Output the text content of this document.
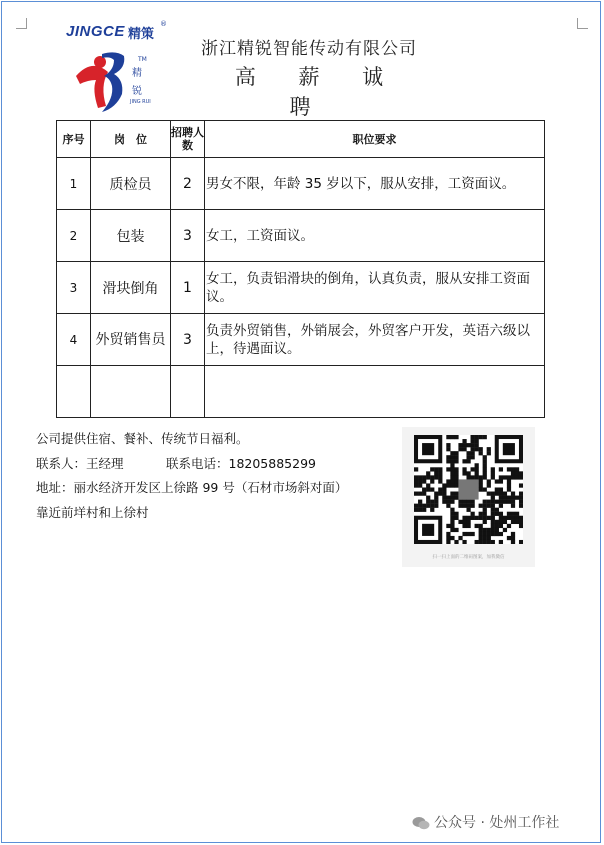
JINGCE 精策
®
TM
精
锐
JING RUI
浙江精锐智能传动有限公司
高 薪 诚 聘
序号	岗　位	招聘人数	职位要求
1	质检员	2	男女不限，年龄 35 岁以下，服从安排，工资面议。
2	包装	3	女工，工资面议。
3	滑块倒角	1	女工，负责铝滑块的倒角，认真负责，服从安排工资面议。
4	外贸销售员	3	负责外贸销售，外销展会，外贸客户开发，英语六级以上，待遇面议。

公司提供住宿、餐补、传统节日福利。
联系人：王经理	联系电话：18205885299
地址：丽水经济开发区上徐路 99 号（石材市场斜对面）
靠近前垟村和上徐村
扫一扫上面的二维码图案，加我微信
公众号 · 处州工作社
